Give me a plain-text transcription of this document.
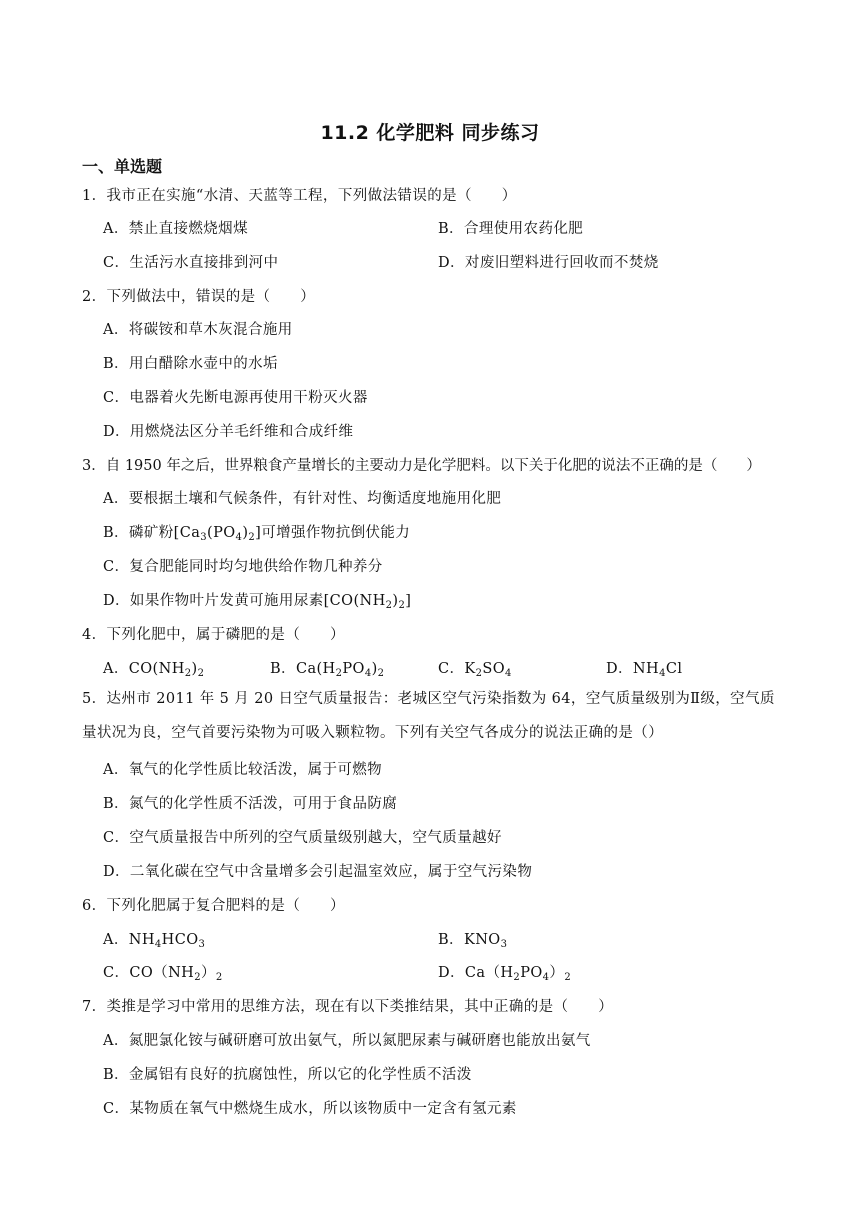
11.2 化学肥料 同步练习
一、单选题
1．我市正在实施“水清、天蓝等工程，下列做法错误的是（　　）
A．禁止直接燃烧烟煤	B．合理使用农药化肥
C．生活污水直接排到河中	D．对废旧塑料进行回收而不焚烧
2．下列做法中，错误的是（　　）
A．将碳铵和草木灰混合施用
B．用白醋除水壶中的水垢
C．电器着火先断电源再使用干粉灭火器
D．用燃烧法区分羊毛纤维和合成纤维
3．自 1950 年之后，世界粮食产量增长的主要动力是化学肥料。以下关于化肥的说法不正确的是（　　）
A．要根据土壤和气候条件，有针对性、均衡适度地施用化肥
B．磷矿粉$[Ca_3(PO_4)_2]$可增强作物抗倒伏能力
C．复合肥能同时均匀地供给作物几种养分
D．如果作物叶片发黄可施用尿素$[CO(NH_2)_2]$
4．下列化肥中，属于磷肥的是（　　）
A．$CO(NH_2)_2$	B．$Ca(H_2PO_4)_2$	C．$K_2SO_4$	D．$NH_4Cl$
5．达州市 2011 年 5 月 20 日空气质量报告：老城区空气污染指数为 64，空气质量级别为Ⅱ级，空气质量状况为良，空气首要污染物为可吸入颗粒物。下列有关空气各成分的说法正确的是（）
A．氧气的化学性质比较活泼，属于可燃物
B．氮气的化学性质不活泼，可用于食品防腐
C．空气质量报告中所列的空气质量级别越大，空气质量越好
D．二氧化碳在空气中含量增多会引起温室效应，属于空气污染物
6．下列化肥属于复合肥料的是（　　）
A．$NH_4HCO_3$	B．$KNO_3$
C．$CO(NH_2)_2$	D．$Ca(H_2PO_4)_2$
7．类推是学习中常用的思维方法，现在有以下类推结果，其中正确的是（　　）
A．氮肥氯化铵与碱研磨可放出氨气，所以氮肥尿素与碱研磨也能放出氨气
B．金属铝有良好的抗腐蚀性，所以它的化学性质不活泼
C．某物质在氧气中燃烧生成水，所以该物质中一定含有氢元素
